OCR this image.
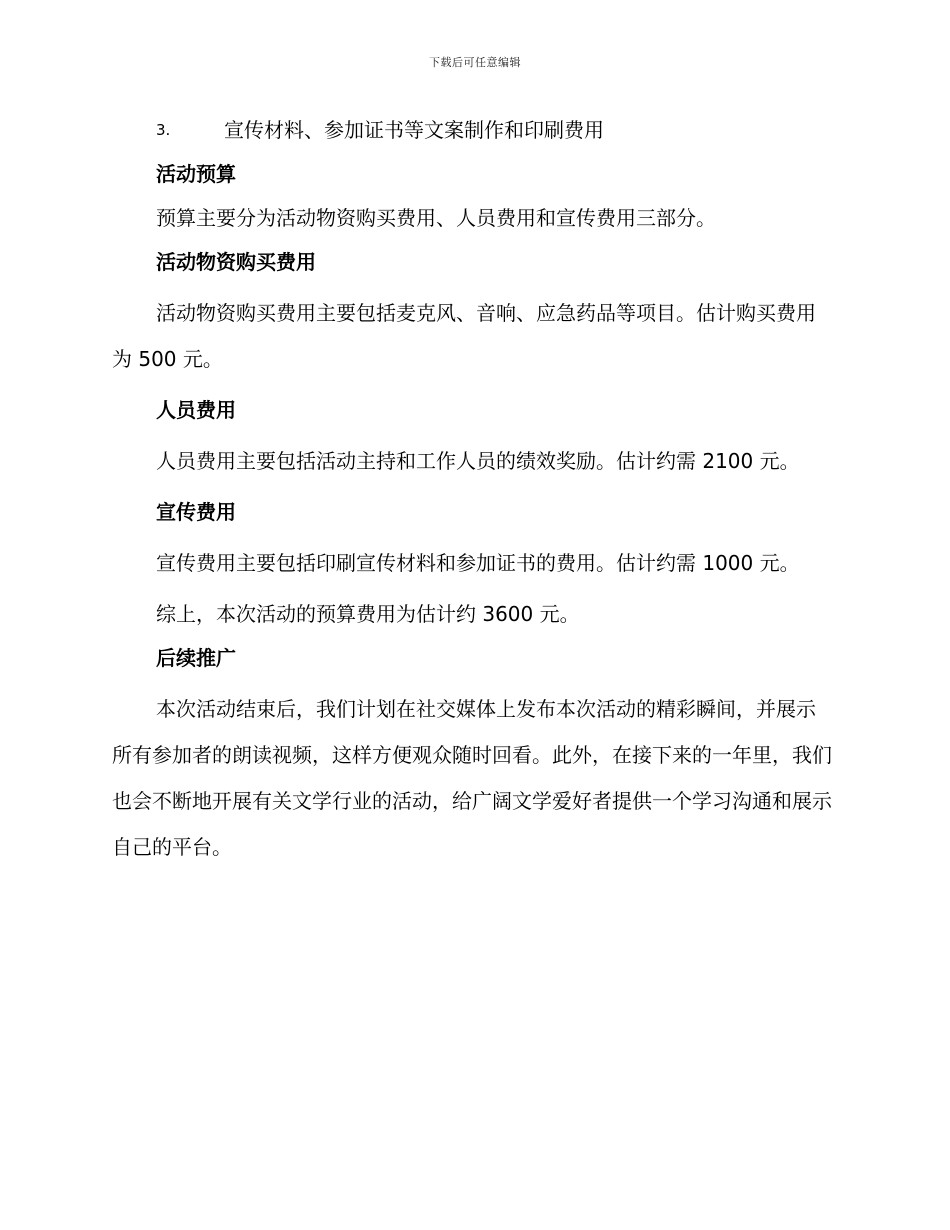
下载后可任意编辑
3.	宣传材料、参加证书等文案制作和印刷费用
活动预算
预算主要分为活动物资购买费用、人员费用和宣传费用三部分。
活动物资购买费用
活动物资购买费用主要包括麦克风、音响、应急药品等项目。估计购买费用为 500 元。
人员费用
人员费用主要包括活动主持和工作人员的绩效奖励。估计约需 2100 元。
宣传费用
宣传费用主要包括印刷宣传材料和参加证书的费用。估计约需 1000 元。
综上，本次活动的预算费用为估计约 3600 元。
后续推广
本次活动结束后，我们计划在社交媒体上发布本次活动的精彩瞬间，并展示所有参加者的朗读视频，这样方便观众随时回看。此外，在接下来的一年里，我们也会不断地开展有关文学行业的活动，给广阔文学爱好者提供一个学习沟通和展示自己的平台。
